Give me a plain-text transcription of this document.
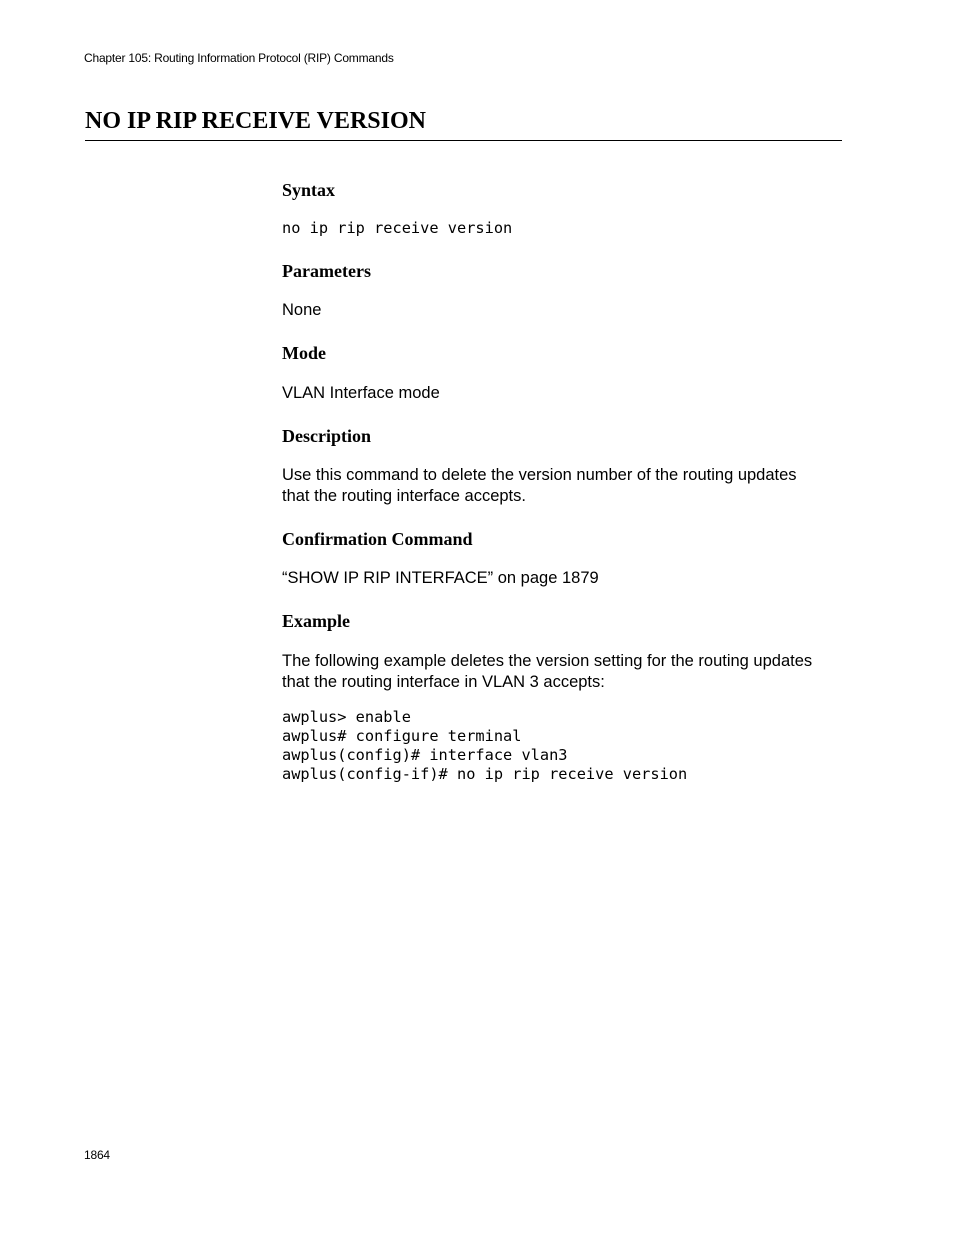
Chapter 105: Routing Information Protocol (RIP) Commands
NO IP RIP RECEIVE VERSION
Syntax
no ip rip receive version
Parameters

None

Mode

VLAN Interface mode

Description

Use this command to delete the version number of the routing updates

that the routing interface accepts.

Confirmation Command

“SHOW IP RIP INTERFACE” on page 1879

Example

The following example deletes the version setting for the routing updates

that the routing interface in VLAN 3 accepts:

awplus> enable
awplus# configure terminal
awplus(config)# interface vlan3
awplus(config-if)# no ip rip receive version
1864
